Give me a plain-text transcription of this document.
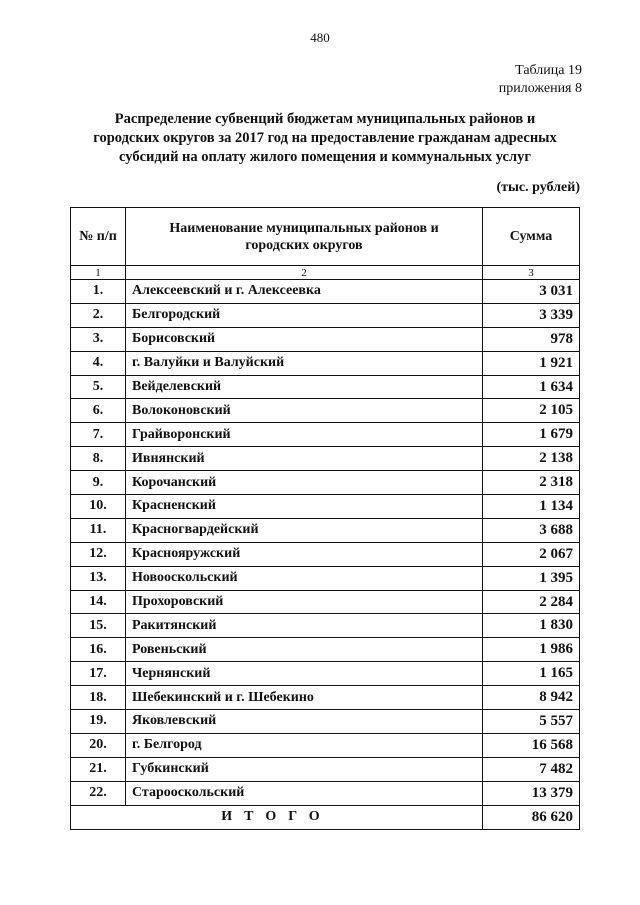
480
Таблица 19
приложения 8
Распределение субвенций бюджетам муниципальных районов и
городских округов за 2017 год на предоставление гражданам адресных
субсидий на оплату жилого помещения и коммунальных услуг
(тыс. рублей)
№ п/п	Наименование муниципальных районов и
городских округов	Сумма
1	2	3
1.	Алексеевский и г. Алексеевка	3 031
2.	Белгородский	3 339
3.	Борисовский	978
4.	г. Валуйки и Валуйский	1 921
5.	Вейделевский	1 634
6.	Волоконовский	2 105
7.	Грайворонский	1 679
8.	Ивнянский	2 138
9.	Корочанский	2 318
10.	Красненский	1 134
11.	Красногвардейский	3 688
12.	Краснояружский	2 067
13.	Новооскольский	1 395
14.	Прохоровский	2 284
15.	Ракитянский	1 830
16.	Ровеньский	1 986
17.	Чернянский	1 165
18.	Шебекинский и г. Шебекино	8 942
19.	Яковлевский	5 557
20.	г. Белгород	16 568
21.	Губкинский	7 482
22.	Старооскольский	13 379
ИТОГО		86 620
